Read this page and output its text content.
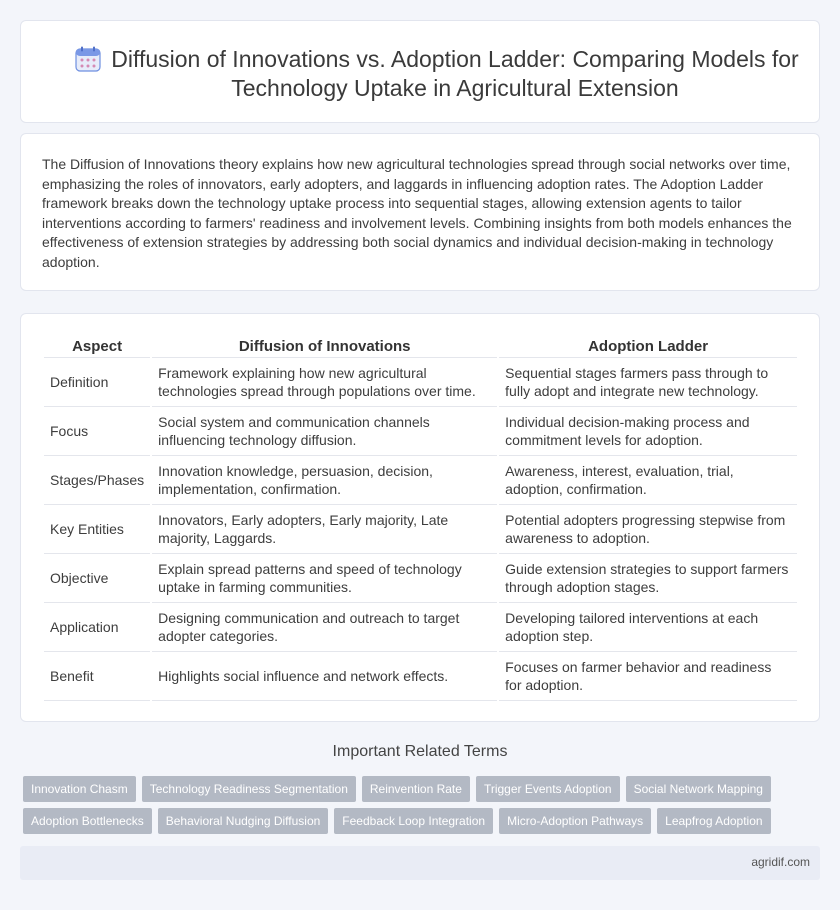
Diffusion of Innovations vs. Adoption Ladder: Comparing Models for Technology Uptake in Agricultural Extension

The Diffusion of Innovations theory explains how new agricultural technologies spread through social networks over time, emphasizing the roles of innovators, early adopters, and laggards in influencing adoption rates. The Adoption Ladder framework breaks down the technology uptake process into sequential stages, allowing extension agents to tailor interventions according to farmers' readiness and involvement levels. Combining insights from both models enhances the effectiveness of extension strategies by addressing both social dynamics and individual decision-making in technology adoption.

Aspect	Diffusion of Innovations	Adoption Ladder
Definition	Framework explaining how new agricultural technologies spread through populations over time.	Sequential stages farmers pass through to fully adopt and integrate new technology.
Focus	Social system and communication channels influencing technology diffusion.	Individual decision-making process and commitment levels for adoption.
Stages/Phases	Innovation knowledge, persuasion, decision, implementation, confirmation.	Awareness, interest, evaluation, trial, adoption, confirmation.
Key Entities	Innovators, Early adopters, Early majority, Late majority, Laggards.	Potential adopters progressing stepwise from awareness to adoption.
Objective	Explain spread patterns and speed of technology uptake in farming communities.	Guide extension strategies to support farmers through adoption stages.
Application	Designing communication and outreach to target adopter categories.	Developing tailored interventions at each adoption step.
Benefit	Highlights social influence and network effects.	Focuses on farmer behavior and readiness for adoption.
Important Related Terms
Innovation Chasm	Technology Readiness Segmentation	Reinvention Rate	Trigger Events Adoption	Social Network Mapping
Adoption Bottlenecks	Behavioral Nudging Diffusion	Feedback Loop Integration	Micro-Adoption Pathways	Leapfrog Adoption
agridif.com
